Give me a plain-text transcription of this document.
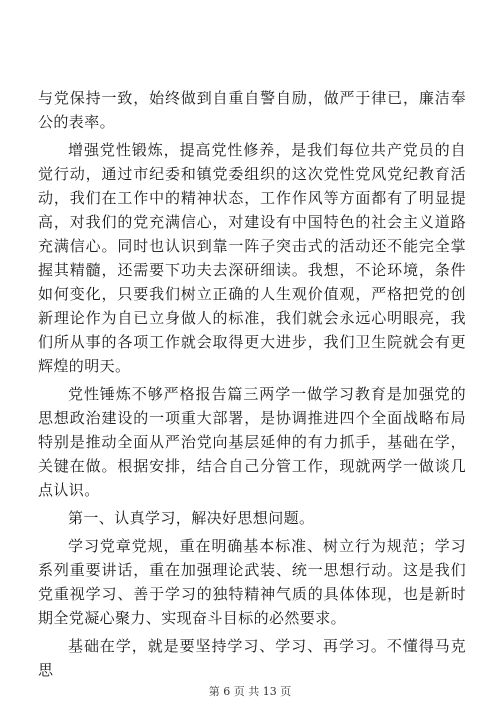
与党保持一致，始终做到自重自警自励，做严于律已，廉洁奉公的表率。

增强党性锻炼，提高党性修养，是我们每位共产党员的自觉行动，通过市纪委和镇党委组织的这次党性党风党纪教育活动，我们在工作中的精神状态，工作作风等方面都有了明显提高，对我们的党充满信心，对建设有中国特色的社会主义道路充满信心。同时也认识到靠一阵子突击式的活动还不能完全掌握其精髓，还需要下功夫去深研细读。我想，不论环境，条件如何变化，只要我们树立正确的人生观价值观，严格把党的创新理论作为自已立身做人的标准，我们就会永远心明眼亮，我们所从事的各项工作就会取得更大进步，我们卫生院就会有更辉煌的明天。

党性锤炼不够严格报告篇三两学一做学习教育是加强党的思想政治建设的一项重大部署，是协调推进四个全面战略布局特别是推动全面从严治党向基层延伸的有力抓手，基础在学，关键在做。根据安排，结合自己分管工作，现就两学一做谈几点认识。

第一、认真学习，解决好思想问题。

学习党章党规，重在明确基本标准、树立行为规范；学习系列重要讲话，重在加强理论武装、统一思想行动。这是我们党重视学习、善于学习的独特精神气质的具体体现，也是新时期全党凝心聚力、实现奋斗目标的必然要求。

基础在学，就是要坚持学习、学习、再学习。不懂得马克思

第 6 页 共 13 页
